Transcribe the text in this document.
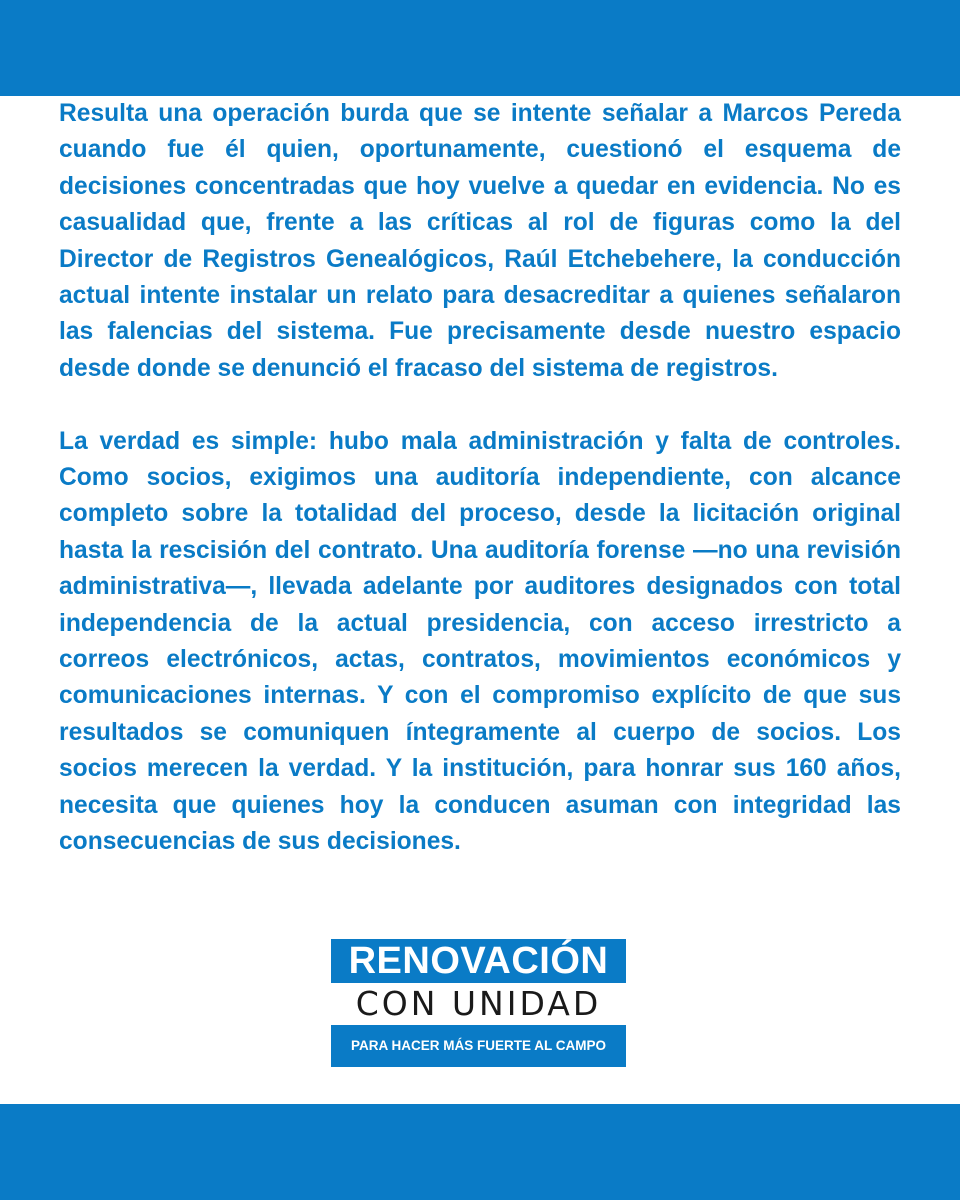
Resulta una operación burda que se intente señalar a Marcos Pereda cuando fue él quien, oportunamente, cuestionó el esquema de decisiones concentradas que hoy vuelve a quedar en evidencia. No es casualidad que, frente a las críticas al rol de figuras como la del Director de Registros Genealógicos, Raúl Etchebehere, la conducción actual intente instalar un relato para desacreditar a quienes señalaron las falencias del sistema. Fue precisamente desde nuestro espacio desde donde se denunció el fracaso del sistema de registros.

La verdad es simple: hubo mala administración y falta de controles. Como socios, exigimos una auditoría independiente, con alcance completo sobre la totalidad del proceso, desde la licitación original hasta la rescisión del contrato. Una auditoría forense —no una revisión administrativa—, llevada adelante por auditores designados con total independencia de la actual presidencia, con acceso irrestricto a correos electrónicos, actas, contratos, movimientos económicos y comunicaciones internas. Y con el compromiso explícito de que sus resultados se comuniquen íntegramente al cuerpo de socios. Los socios merecen la verdad. Y la institución, para honrar sus 160 años, necesita que quienes hoy la conducen asuman con integridad las consecuencias de sus decisiones.

RENOVACIÓN
CON UNIDAD
PARA HACER MÁS FUERTE AL CAMPO
